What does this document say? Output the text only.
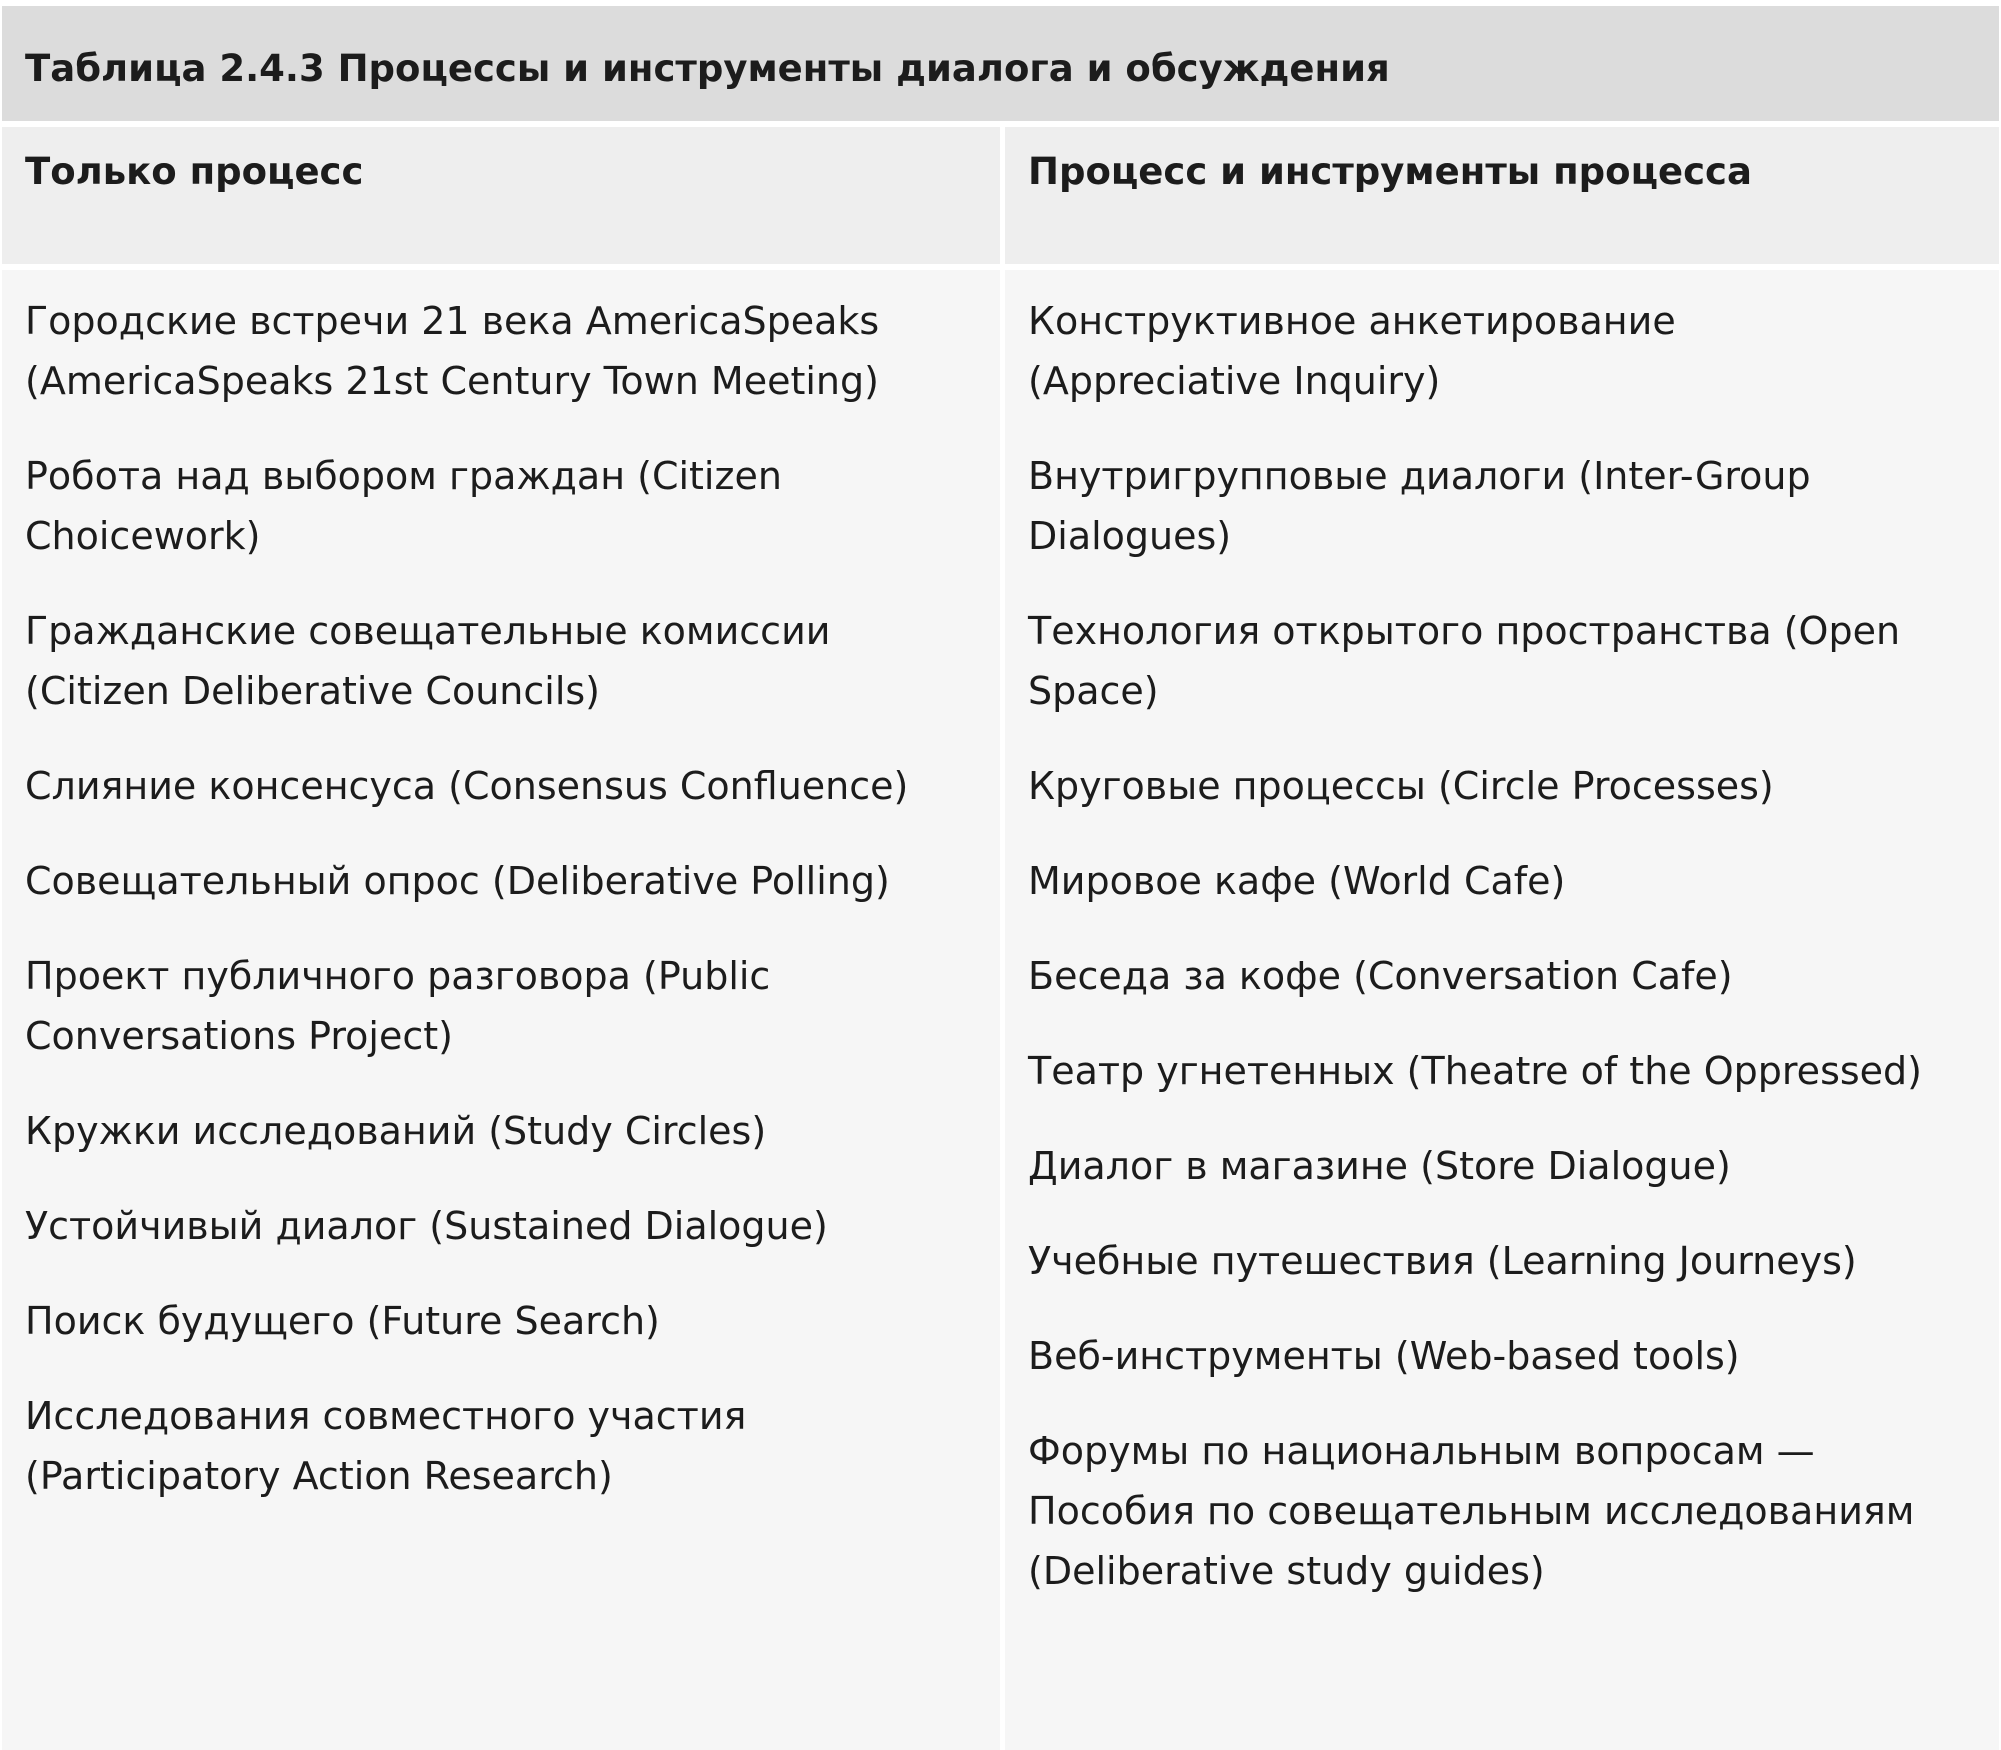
Таблица 2.4.3 Процессы и инструменты диалога и обсуждения
Только процесс

Городские встречи 21 века AmericaSpeaks (AmericaSpeaks 21st Century Town Meeting)

Робота над выбором граждан (Citizen Choicework)

Гражданские совещательные комиссии (Citizen Deliberative Councils)

Слияние консенсуса (Consensus Confluence)

Совещательный опрос (Deliberative Polling)

Проект публичного разговора (Public Conversations Project)

Кружки исследований (Study Circles)

Устойчивый диалог (Sustained Dialogue)

Поиск будущего (Future Search)

Исследования совместного участия (Participatory Action Research)

Процесс и инструменты процесса

Конструктивное анкетирование (Appreciative Inquiry)

Внутригрупповые диалоги (Inter-Group Dialogues)

Технология открытого пространства (Open Space)

Круговые процессы (Circle Processes)

Мировое кафе (World Cafe)

Беседа за кофе (Conversation Cafe)

Театр угнетенных (Theatre of the Oppressed)

Диалог в магазине (Store Dialogue)

Учебные путешествия (Learning Journeys)

Веб-инструменты (Web-based tools)

Форумы по национальным вопросам — Пособия по совещательным исследованиям (Deliberative study guides)
